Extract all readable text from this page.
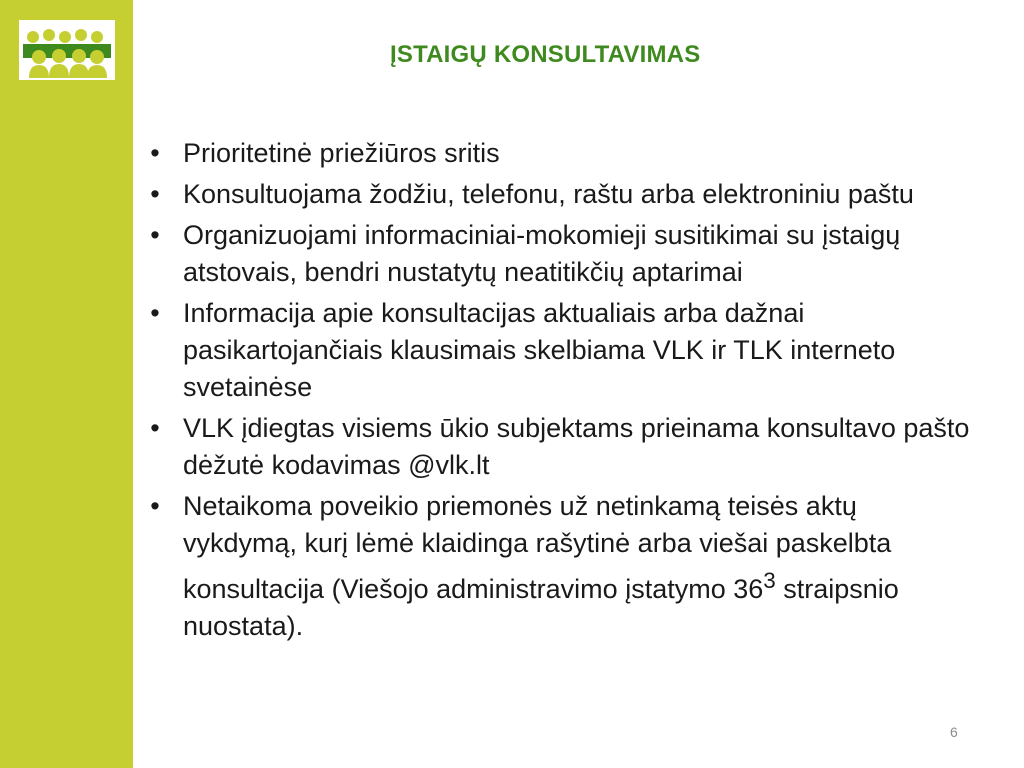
ĮSTAIGŲ KONSULTAVIMAS
• Prioritetinė priežiūros sritis
• Konsultuojama žodžiu, telefonu, raštu arba elektroniniu paštu
• Organizuojami informaciniai-mokomieji susitikimai su įstaigų atstovais, bendri nustatytų neatitikčių aptarimai
• Informacija apie konsultacijas aktualiais arba dažnai pasikartojančiais klausimais skelbiama VLK ir TLK interneto svetainėse
• VLK įdiegtas visiems ūkio subjektams prieinama konsultavo pašto dėžutė kodavimas @vlk.lt
• Netaikoma poveikio priemonės už netinkamą teisės aktų vykdymą, kurį lėmė klaidinga rašytinė arba viešai paskelbta konsultacija (Viešojo administravimo įstatymo $36^3$ straipsnio nuostata).
6
